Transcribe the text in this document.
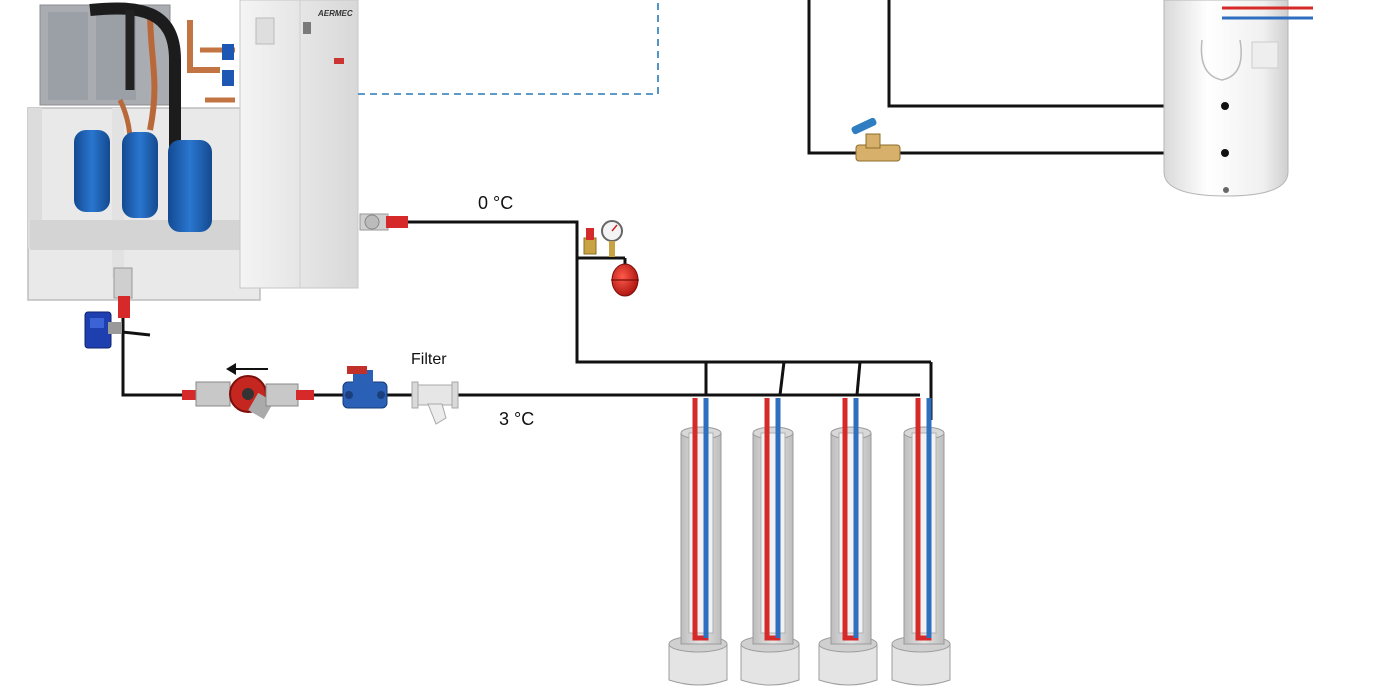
AERMEC
Filter
0 °C
3 °C
